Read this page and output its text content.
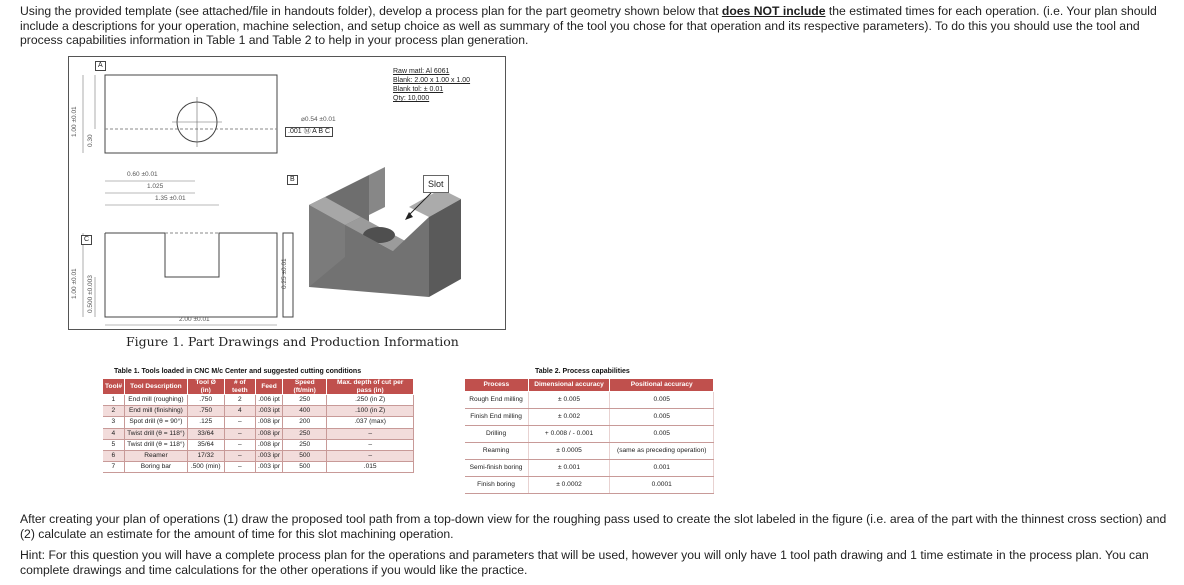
Using the provided template (see attached/file in handouts folder), develop a process plan for the part geometry shown below that does NOT include the estimated times for each operation. (i.e. Your plan should include a descriptions for your operation, machine selection, and setup choice as well as summary of the tool you chose for that operation and its respective parameters). To do this you should use the tool and process capabilities information in Table 1 and Table 2 to help in your process plan generation.
Raw matl: Al 6061
Blank: 2.00 x 1.00 x 1.00
Blank tol: ± 0.01
Qty: 10,000
Slot
A
B
C
⌀0.54 ±0.01
.001 Ⓜ A B C
0.60 ±0.01
1.025
1.35 ±0.01
2.00 ±0.01
1.00 ±0.01
0.30
1.00 ±0.01 0.500 ±0.003
0.25 ±0.01
Figure 1. Part Drawings and Production Information
Table 1. Tools loaded in CNC M/c Center and suggested cutting conditions
Tool#	Tool Description	Tool Ø (in)	# of teeth	Feed	Speed (ft/min)	Max. depth of cut per pass (in)
1	End mill (roughing)	.750	2	.006 ipt	250	.250 (in Z)
2	End mill (finishing)	.750	4	.003 ipt	400	.100 (in Z)
3	Spot drill (θ = 90°)	.125	–	.008 ipr	200	.037 (max)
4	Twist drill (θ = 118°)	33/64	–	.008 ipr	250	–
5	Twist drill (θ = 118°)	35/64	–	.008 ipr	250	–
6	Reamer	17/32	–	.003 ipr	500	–
7	Boring bar	.500 (min)	–	.003 ipr	500	.015
Table 2. Process capabilities
Process	Dimensional accuracy	Positional accuracy
Rough End milling	± 0.005	0.005
Finish End milling	± 0.002	0.005
Drilling	+ 0.008 / - 0.001	0.005
Reaming	± 0.0005	(same as preceding operation)
Semi-finish boring	± 0.001	0.001
Finish boring	± 0.0002	0.0001
After creating your plan of operations (1) draw the proposed tool path from a top-down view for the roughing pass used to create the slot labeled in the figure (i.e. area of the part with the thinnest cross section) and (2) calculate an estimate for the amount of time for this slot machining operation.
Hint: For this question you will have a complete process plan for the operations and parameters that will be used, however you will only have 1 tool path drawing and 1 time estimate in the process plan. You can complete drawings and time calculations for the other operations if you would like the practice.
